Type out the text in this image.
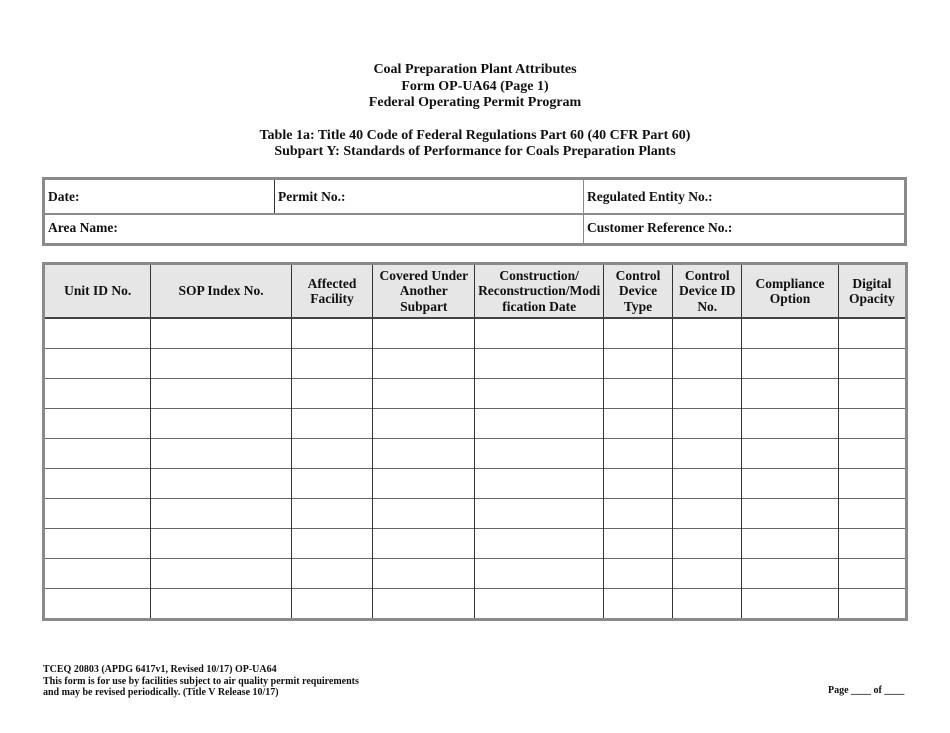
Coal Preparation Plant Attributes
Form OP-UA64 (Page 1)
Federal Operating Permit Program
Table 1a: Title 40 Code of Federal Regulations Part 60 (40 CFR Part 60)
Subpart Y: Standards of Performance for Coals Preparation Plants
Date:	Permit No.:	Regulated Entity No.:
Area Name:	Customer Reference No.:
Unit ID No.	SOP Index No.	Affected Facility	Covered Under Another Subpart	Construction/ Reconstruction/Modi fication Date	Control Device Type	Control Device ID No.	Compliance Option	Digital Opacity

TCEQ 20803 (APDG 6417v1, Revised 10/17) OP-UA64
This form is for use by facilities subject to air quality permit requirements
and may be revised periodically. (Title V Release 10/17)	Page ____ of ____
